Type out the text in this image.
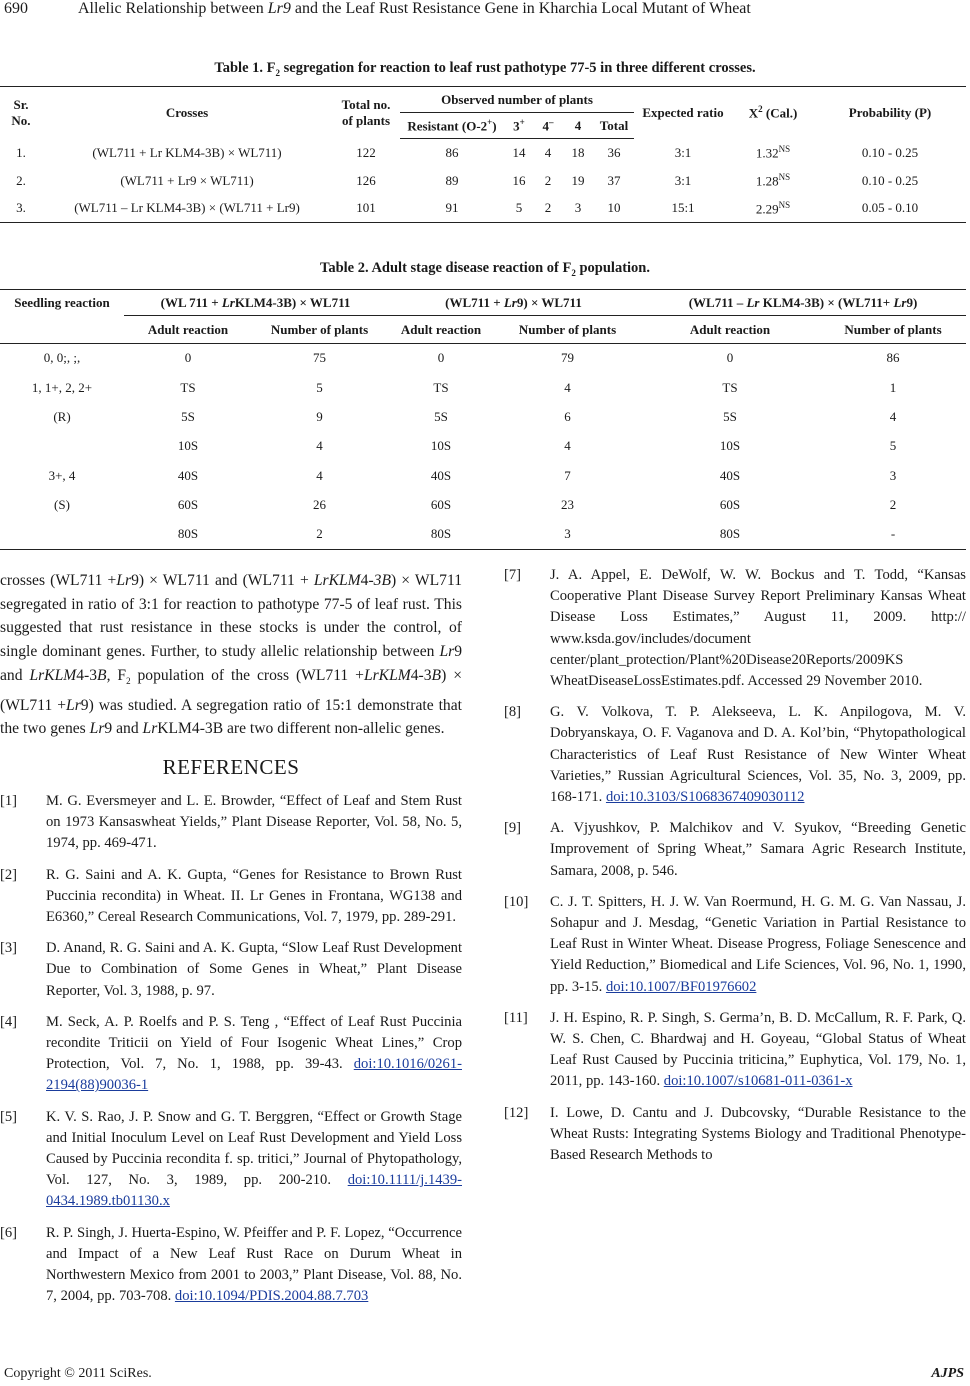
690	Allelic Relationship between Lr9 and the Leaf Rust Resistance Gene in Kharchia Local Mutant of Wheat
Table 1. $F_2$ segregation for reaction to leaf rust pathotype 77-5 in three different crosses.
Sr.
No.	Crosses	Total no.
of plants	Observed number of plants					Expected ratio	$X^2$ (Cal.)	Probability (P)
			Resistant (O-2+)	3+	4–	4	Total			
1.	(WL711 + Lr KLM4-3B) × WL711)	122	86	14	4	18	36	3:1	$1.32^{NS}$	0.10 - 0.25
2.	(WL711 + Lr9 × WL711)	126	89	16	2	19	37	3:1	$1.28^{NS}$	0.10 - 0.25
3.	(WL711 – Lr KLM4-3B) × (WL711 + Lr9)	101	91	5	2	3	10	15:1	$2.29^{NS}$	0.05 - 0.10
Table 2. Adult stage disease reaction of $F_2$ population.
Seedling reaction	(WL 711 + LrKLM4-3B) × WL711		(WL711 + Lr9) × WL711		(WL711 – Lr KLM4-3B) × (WL711+ Lr9)	
	Adult reaction	Number of plants	Adult reaction	Number of plants	Adult reaction	Number of plants
0, 0;, ;,	0	75	0	79	0	86
1, 1+, 2, 2+	TS	5	TS	4	TS	1
(R)	5S	9	5S	6	5S	4
	10S	4	10S	4	10S	5
3+, 4	40S	4	40S	7	40S	3
(S)	60S	26	60S	23	60S	2
	80S	2	80S	3	80S	-

crosses (WL711 +Lr9) × WL711 and (WL711 + LrKLM4-3B) × WL711 segregated in ratio of 3:1 for reaction to pathotype 77-5 of leaf rust. This suggested that rust resistance in these stocks is under the control, of single dominant genes. Further, to study allelic relationship between Lr9 and LrKLM4-3B, $F_2$ population of the cross (WL711 +LrKLM4-3B) × (WL711 +Lr9) was studied. A segregation ratio of 15:1 demonstrate that the two genes Lr9 and LrKLM4-3B are two different non-allelic genes.

REFERENCES
[1]	M. G. Eversmeyer and L. E. Browder, “Effect of Leaf and Stem Rust on 1973 Kansaswheat Yields,” Plant Disease Reporter, Vol. 58, No. 5, 1974, pp. 469-471.
[2]	R. G. Saini and A. K. Gupta, “Genes for Resistance to Brown Rust Puccinia recondita) in Wheat. II. Lr Genes in Frontana, WG138 and E6360,” Cereal Research Communications, Vol. 7, 1979, pp. 289-291.
[3]	D. Anand, R. G. Saini and A. K. Gupta, “Slow Leaf Rust Development Due to Combination of Some Genes in Wheat,” Plant Disease Reporter, Vol. 3, 1988, p. 97.
[4]	M. Seck, A. P. Roelfs and P. S. Teng , “Effect of Leaf Rust Puccinia recondite Triticii on Yield of Four Isogenic Wheat Lines,” Crop Protection, Vol. 7, No. 1, 1988, pp. 39-43. doi:10.1016/0261-2194(88)90036-1
[5]	K. V. S. Rao, J. P. Snow and G. T. Berggren, “Effect or Growth Stage and Initial Inoculum Level on Leaf Rust Development and Yield Loss Caused by Puccinia recondita f. sp. tritici,” Journal of Phytopathology, Vol. 127, No. 3, 1989, pp. 200-210. doi:10.1111/j.1439-0434.1989.tb01130.x
[6]	R. P. Singh, J. Huerta-Espino, W. Pfeiffer and P. F. Lopez, “Occurrence and Impact of a New Leaf Rust Race on Durum Wheat in Northwestern Mexico from 2001 to 2003,” Plant Disease, Vol. 88, No. 7, 2004, pp. 703-708. doi:10.1094/PDIS.2004.88.7.703
[7]	J. A. Appel, E. DeWolf, W. W. Bockus and T. Todd, “Kansas Cooperative Plant Disease Survey Report Preliminary Kansas Wheat Disease Loss Estimates,” August 11, 2009. http:// www.ksda.gov/includes/document center/plant_protection/Plant%20Disease20Reports/2009KS WheatDiseaseLossEstimates.pdf. Accessed 29 November 2010.
[8]	G. V. Volkova, T. P. Alekseeva, L. K. Anpilogova, M. V. Dobryanskaya, O. F. Vaganova and D. A. Kol’bin, “Phytopathological Characteristics of Leaf Rust Resistance of New Winter Wheat Varieties,” Russian Agricultural Sciences, Vol. 35, No. 3, 2009, pp. 168-171. doi:10.3103/S1068367409030112
[9]	A. Vjyushkov, P. Malchikov and V. Syukov, “Breeding Genetic Improvement of Spring Wheat,” Samara Agric Research Institute, Samara, 2008, p. 546.
[10]	C. J. T. Spitters, H. J. W. Van Roermund, H. G. M. G. Van Nassau, J. Sohapur and J. Mesdag, “Genetic Variation in Partial Resistance to Leaf Rust in Winter Wheat. Disease Progress, Foliage Senescence and Yield Reduction,” Biomedical and Life Sciences, Vol. 96, No. 1, 1990, pp. 3-15. doi:10.1007/BF01976602
[11]	J. H. Espino, R. P. Singh, S. Germa’n, B. D. McCallum, R. F. Park, Q. W. S. Chen, C. Bhardwaj and H. Goyeau, “Global Status of Wheat Leaf Rust Caused by Puccinia triticina,” Euphytica, Vol. 179, No. 1, 2011, pp. 143-160. doi:10.1007/s10681-011-0361-x
[12]	I. Lowe, D. Cantu and J. Dubcovsky, “Durable Resistance to the Wheat Rusts: Integrating Systems Biology and Traditional Phenotype-Based Research Methods to
Copyright © 2011 SciRes.	AJPS
